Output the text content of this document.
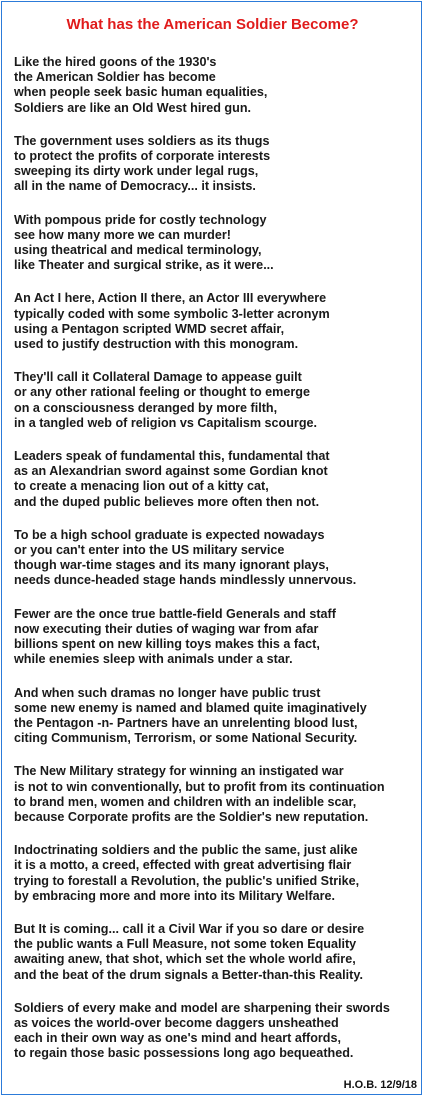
What has the American Soldier Become?
Like the hired goons of the 1930's
the American Soldier has become
when people seek basic human equalities,
Soldiers are like an Old West hired gun.
The government uses soldiers as its thugs
to protect the profits of corporate interests
sweeping its dirty work under legal rugs,
all in the name of Democracy... it insists.
With pompous pride for costly technology
see how many more we can murder!
using theatrical and medical terminology,
like Theater and surgical strike, as it were...
An Act I here, Action II there, an Actor III everywhere
typically coded with some symbolic 3-letter acronym
using a Pentagon scripted WMD secret affair,
used to justify destruction with this monogram.
They'll call it Collateral Damage to appease guilt
or any other rational feeling or thought to emerge
on a consciousness deranged by more filth,
in a tangled web of religion vs Capitalism scourge.
Leaders speak of fundamental this, fundamental that
as an Alexandrian sword against some Gordian knot
to create a menacing lion out of a kitty cat,
and the duped public believes more often then not.
To be a high school graduate is expected nowadays
or you can't enter into the US military service
though war-time stages and its many ignorant plays,
needs dunce-headed stage hands mindlessly unnervous.
Fewer are the once true battle-field Generals and staff
now executing their duties of waging war from afar
billions spent on new killing toys makes this a fact,
while enemies sleep with animals under a star.
And when such dramas no longer have public trust
some new enemy is named and blamed quite imaginatively
the Pentagon -n- Partners have an unrelenting blood lust,
citing Communism, Terrorism, or some National Security.
The New Military strategy for winning an instigated war
is not to win conventionally, but to profit from its continuation
to brand men, women and children with an indelible scar,
because Corporate profits are the Soldier's new reputation.
Indoctrinating soldiers and the public the same, just alike
it is a motto, a creed, effected with great advertising flair
trying to forestall a Revolution, the public's unified Strike,
by embracing more and more into its Military Welfare.
But It is coming... call it a Civil War if you so dare or desire
the public wants a Full Measure, not some token Equality
awaiting anew, that shot, which set the whole world afire,
and the beat of the drum signals a Better-than-this Reality.
Soldiers of every make and model are sharpening their swords
as voices the world-over become daggers unsheathed
each in their own way as one's mind and heart affords,
to regain those basic possessions long ago bequeathed.
H.O.B. 12/9/18
